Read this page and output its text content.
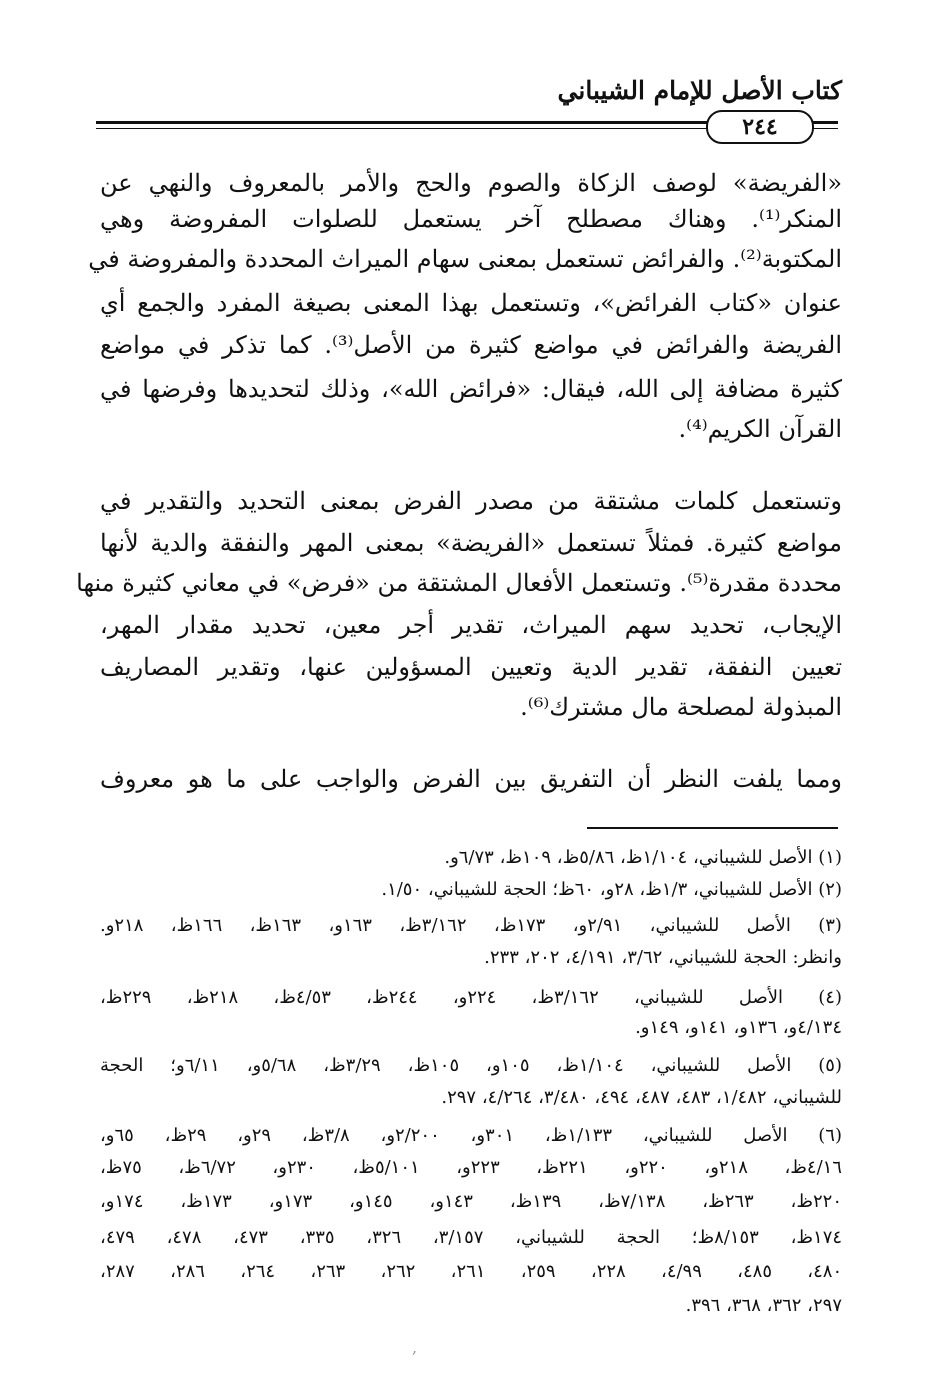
كتاب الأصل للإمام الشيباني
٢٤٤
«الفريضة» لوصف الزكاة والصوم والحج والأمر بالمعروف والنهي عن
المنكر⁽¹⁾. وهناك مصطلح آخر يستعمل للصلوات المفروضة وهي
المكتوبة⁽²⁾. والفرائض تستعمل بمعنى سهام الميراث المحددة والمفروضة في
عنوان «كتاب الفرائض»، وتستعمل بهذا المعنى بصيغة المفرد والجمع أي
الفريضة والفرائض في مواضع كثيرة من الأصل⁽³⁾. كما تذكر في مواضع
كثيرة مضافة إلى الله، فيقال: «فرائض الله»، وذلك لتحديدها وفرضها في
القرآن الكريم⁽⁴⁾.
وتستعمل كلمات مشتقة من مصدر الفرض بمعنى التحديد والتقدير في
مواضع كثيرة. فمثلاً تستعمل «الفريضة» بمعنى المهر والنفقة والدية لأنها
محددة مقدرة⁽⁵⁾. وتستعمل الأفعال المشتقة من «فرض» في معاني كثيرة منها
الإيجاب، تحديد سهم الميراث، تقدير أجر معين، تحديد مقدار المهر،
تعيين النفقة، تقدير الدية وتعيين المسؤولين عنها، وتقدير المصاريف
المبذولة لمصلحة مال مشترك⁽⁶⁾.
ومما يلفت النظر أن التفريق بين الفرض والواجب على ما هو معروف
(١) الأصل للشيباني، ١/١٠٤ظ، ٥/٨٦ظ، ١٠٩ظ، ٦/٧٣و.
(٢) الأصل للشيباني، ١/٣ظ، ٢٨و، ٦٠ظ؛ الحجة للشيباني، ١/٥٠.
(٣) الأصل للشيباني، ٢/٩١و، ١٧٣ظ، ٣/١٦٢ظ، ١٦٣و، ١٦٣ظ، ١٦٦ظ، ٢١٨و.
وانظر: الحجة للشيباني، ٣/٦٢، ٤/١٩١، ٢٠٢، ٢٣٣.
(٤) الأصل للشيباني، ٣/١٦٢ظ، ٢٢٤و، ٢٤٤ظ، ٤/٥٣ظ، ٢١٨ظ، ٢٢٩ظ،
٤/١٣٤و، ١٣٦و، ١٤١و، ١٤٩و.
(٥) الأصل للشيباني، ١/١٠٤ظ، ١٠٥و، ١٠٥ظ، ٣/٢٩ظ، ٥/٦٨و، ٦/١١و؛ الحجة
للشيباني، ١/٤٨٢، ٤٨٣، ٤٨٧، ٤٩٤، ٣/٤٨٠، ٤/٢٦٤، ٢٩٧.
(٦) الأصل للشيباني، ١/١٣٣ظ، ٣٠١و، ٢/٢٠٠و، ٣/٨ظ، ٢٩و، ٢٩ظ، ٦٥و،
٤/١٦ظ، ٢١٨و، ٢٢٠و، ٢٢١ظ، ٢٢٣و، ٥/١٠١ظ، ٢٣٠و، ٦/٧٢ظ، ٧٥ظ،
٢٢٠ظ، ٢٦٣ظ، ٧/١٣٨ظ، ١٣٩ظ، ١٤٣و، ١٤٥و، ١٧٣و، ١٧٣ظ، ١٧٤و،
١٧٤ظ، ٨/١٥٣ظ؛ الحجة للشيباني، ٣/١٥٧، ٣٢٦، ٣٣٥، ٤٧٣، ٤٧٨، ٤٧٩،
٤٨٠، ٤٨٥، ٤/٩٩، ٢٢٨، ٢٥٩، ٢٦١، ٢٦٢، ٢٦٣، ٢٦٤، ٢٨٦، ٢٨٧،
٢٩٧، ٣٦٢، ٣٦٨، ٣٩٦.
,
